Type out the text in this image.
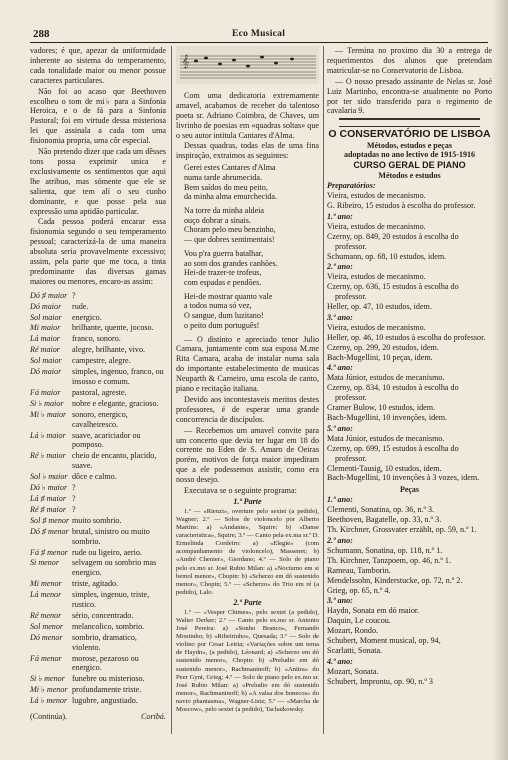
288	Eco Musical

vadores; é que, apezar da uniformidade inherente ao sistema do temperamento, cada tonalidade maior ou menor possue caracteres particulares.

Não foi ao acaso que Beethoven escolheu o tom de mi♭ para a Sinfonia Heroica, e o de fá para a Sinfonia Pastoral; foi em virtude dessa misteriosa lei que assinala a cada tom uma fisionomia propria, uma côr especial.

Não pretendo dizer que cada um dêsses tons possa exprimir unica e exclusivamente os sentimentos que aqui lhe atribuo, mas sómente que ele se salienta, que tem alí o seu cunho dominante, e que posse pela sua expressão uma aptidão particular.

Cada pessoa poderá encarar essa fisionomia segundo o seu temperamento pessoal; caracterizá-la de uma maneira absoluta seria provavelmente excessivo; assim, pela parte que me toca, a tinta predominante das diversas gamas maiores ou menores, encaro-as assim:

Dó ♯ maior ?
Dó maior	rude.
Sol maior	energico.
Mi maior	brilhante, quente, jocoso.
Lá maior	franco, sonoro.
Ré maior	alegre, brilhante, vivo.
Sol maior	campestre, alegre.
Dó maior	simples, ingenuo, franco, ou insosso e comum.
Fá maior	pastoral, agreste.
Si ♭ maior	nobre e elegante, gracioso.
Mi ♭ maior sonoro, energico, cavalheiresco.
Lá ♭ maior suave, acariciador ou pomposo.
Ré ♭ maior cheio de encanto, placido, suave.
Sol ♭ maior dôce e calmo.
Dó ♭ maior ?
Lá ♯ maior ?
Ré ♯ maior ?
Sol ♯ menor muito sombrio.
Dó ♯ menor brutal, sinistro ou muito sombrio.
Fá ♯ menor rude ou ligeiro, aerio.
Si menor	selvagem ou sombrio mas energico.
Mi menor	triste, agitado.
Lá menor	simples, ingenuo, triste, rustico.
Ré menor	sério, concentrado.
Sol menor	melancolico, sombrio.
Dó menor	sombrio, dramatico, violento.
Fá menor	morose, pezaroso ou energico.
Si ♭ menor funebre ou misterioso.
Mi ♭ menor profundamente triste.
Lá ♭ menor lugubre, angustiado.
(Continúa).	Coribá.
𝄞

Com uma dedicatoria extremamente amavel, acabamos de receber do talentoso poeta sr. Adriano Coimbra, de Chaves, um livrinho de poesias em «quadras soltas» que o seu autor intitula Cantares d'Alma.

Dessas quadras, todas elas de uma fina inspiração, extraimos as seguintes:

Gerei estes Cantares d'Alma
numa tarde abrumecida.
Bem saídos do meu peito,
da minha alma emurchecida.
Na torre da minha aldeia
ouço dobrar a sinais.
Choram pelo meu benzinho,
— que dobres sentimentais!
Vou p'ra guerra batalhar,
ao som dos grandes canhões.
Hei-de trazer-te trofeus,
com espadas e pendões.
Hei-de mostrar quanto vale
a todos numa só vez,
O sangue, dum luzitano!
o peito dum português!

— O distinto e apreciado tenor Julio Camara, juntamente com sua esposa M.me Rita Camara, acaba de instalar numa sala do importante estabelecimento de musicas Neuparth & Carneiro, uma escola de canto, piano e recitação italiana.

Devido aos incontestaveis meritos destes professores, é de esperar uma grande concorrencia de discípulos.

— Recebemos um amavel convite para um concerto que devia ter lugar em 18 do corrente no Eden de S. Amaro de Oeiras porém, motivos de força maior impediram que a ele podessemos assistir, como era nosso desejo.

Executava se o seguinte programa:

1.ª Parte

1.º — «Rienzi», overture pelo sextet (a pedido), Wagner; 2.º — Solos de violoncelo por Alberto Martins: a) «Andante», Squire: b) «Danse caracteristica», Squire; 3.º — Canto pela ex.ma sr.ª D. Ermelinda Cordeiro: a) «Elegie» (com acompanhamento de violoncelo), Massenet; b) «André Chenier», Giordano; 4.º — Solo de piano pelo ex.mo sr. José Rubio Milan: a) «Nocturno em si bemol menor», Chopin: b) «Scherzo em dó sustenido menor», Chopin; 5.º — «Scherzo» do Trio em ré (a pedido), Lalo.

2.ª Parte

1.º — «Vesper Chimes», pelo sextet (a pedido), Walter Derker; 2.º — Canto pelo ex.mo sr. Antonio José Pereira: a) «Sonho Branco», Fernando Moutinho; b) «Ribeirinho», Quesada; 3.º — Solo de violino por Cesar Leiria; «Variações sobre um tema de Haydn», (a pedido), Léonard; a) «Scherzo em dó sustenido menor», Chopin: b) «Preludio em dó sustenido menor», Rachmaninoff; b) «Anitra» do Peer Gynt, Grieg; 4.º — Solo de piano pelo ex.mo sr. José Rubio Milan: a) «Preludio em dó sustenido menor», Rachmaninoff; b) «A valsa dos bonecos» do navio phantasma», Wagner-Listz; 5.º — «Marcha de Moscow», pelo sextet (a pedido), Tachaikowsky.

— Termina no proximo dia 30 a entrega de requerimentos dos alunos que pretendam matricular-se no Conservatorio de Lisboa.

— O nosso presado assinante de Nelas sr. José Luiz Martinho, encontra-se atualmente no Porto por ter sido transferido para o regimento de cavalaria 9.

O CONSERVATÓRIO DE LISBOA
Métodos, estudos e peças
adoptadas no ano lectivo de 1915-1916
CURSO GERAL DE PIANO
Métodos e estudos

Preparatórios:

Vieira, estudos de mecanismo.

G. Ribeiro, 15 estudos à escolha do professor.

1.º ano:

Vieira, estudos de mecanismo.

Czerny, op. 849, 20 estudos à escolha do professor.

Schumann, op. 68, 10 estudos, idem.

2.º ano:

Vieira, estudos de mecanismo.

Czerny, op. 636, 15 estudos à escolha do professor.

Heller, op. 47, 10 estudos, idem.

3.º ano:

Vieira, estudos de mecanismo.

Heller, op. 46, 10 estudos à escolha do professor.

Czerny, op. 299, 20 estudos, idem.

Bach-Mugellini, 10 peças, idem.

4.º ano:

Mata Júnior, estudos de mecanismo.

Czerny, op. 834, 10 estudos à escolha do professor.

Cramer Bulow, 10 estudos, idem.

Bach-Mugellini, 10 invenções, idem.

5.º ano:

Mata Júnior, estudos de mecanismo.

Czerny, op. 699, 15 estudos à escolha do professor.

Clementi-Tausig, 10 estudos, idem.

Bach-Mugellini, 10 invenções à 3 vozes, idem.

Peças

1.º ano:

Clementi, Sonatina, op. 36, n.º 3.

Beethoven, Bagatelle, op. 33, n.º 3.

Th. Kirchner, Grossvater erzählt, op. 59, n.º 1.

2.º ano:

Schumann, Sonatina, op. 118, n.º 1.

Th. Kirchner, Tanzpoem, op. 46, n.º 1.

Rameau, Tamborin.

Mendelssohn, Kinderstucke, op. 72, n.º 2.

Grieg, op. 65, n.º 4.

3.º ano:

Haydn, Sonata em dó maior.

Daquin, Le coucou.

Mozart, Rondo.

Schubert, Moment musical, op. 94,

Scarlatti, Sonata.

4.º ano:

Mozart, Sonata.

Schubert, Improntu, op. 90, n.º 3
